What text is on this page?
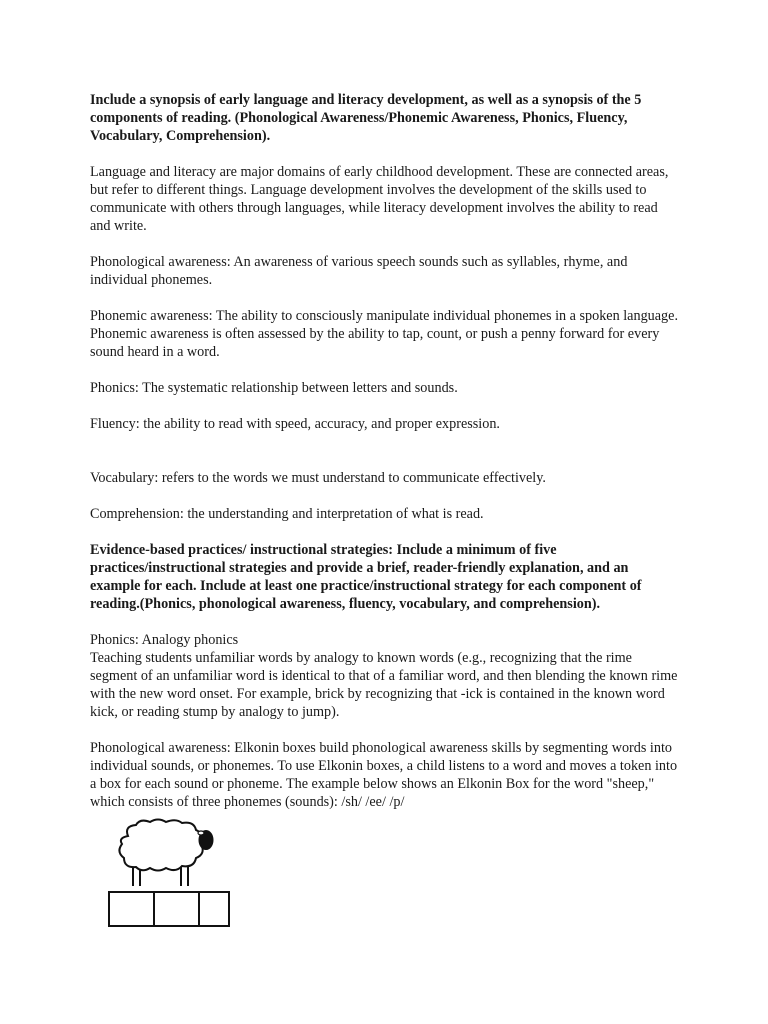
Include a synopsis of early language and literacy development, as well as a synopsis of the 5 components of reading. (Phonological Awareness/Phonemic Awareness, Phonics, Fluency, Vocabulary, Comprehension).

Language and literacy are major domains of early childhood development. These are connected areas, but refer to different things. Language development involves the development of the skills used to communicate with others through languages, while literacy development involves the ability to read and write.

Phonological awareness: An awareness of various speech sounds such as syllables, rhyme, and individual phonemes.

Phonemic awareness: The ability to consciously manipulate individual phonemes in a spoken language. Phonemic awareness is often assessed by the ability to tap, count, or push a penny forward for every sound heard in a word.

Phonics: The systematic relationship between letters and sounds.

Fluency: the ability to read with speed, accuracy, and proper expression.

Vocabulary: refers to the words we must understand to communicate effectively.

Comprehension: the understanding and interpretation of what is read.

Evidence-based practices/ instructional strategies: Include a minimum of five practices/instructional strategies and provide a brief, reader-friendly explanation, and an example for each. Include at least one practice/instructional strategy for each component of reading.(Phonics, phonological awareness, fluency, vocabulary, and comprehension).

Phonics: Analogy phonics

Teaching students unfamiliar words by analogy to known words (e.g., recognizing that the rime segment of an unfamiliar word is identical to that of a familiar word, and then blending the known rime with the new word onset. For example, brick by recognizing that -ick is contained in the known word kick, or reading stump by analogy to jump).

Phonological awareness: Elkonin boxes build phonological awareness skills by segmenting words into individual sounds, or phonemes. To use Elkonin boxes, a child listens to a word and moves a token into a box for each sound or phoneme. The example below shows an Elkonin Box for the word "sheep," which consists of three phonemes (sounds): /sh/ /ee/ /p/
